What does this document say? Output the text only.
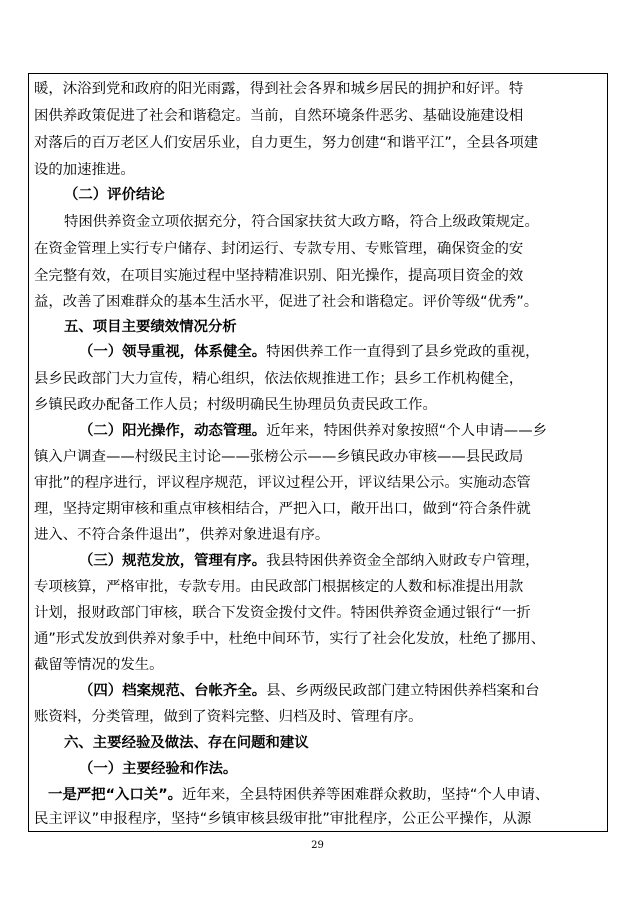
暖，沐浴到党和政府的阳光雨露，得到社会各界和城乡居民的拥护和好评。特
困供养政策促进了社会和谐稳定。当前，自然环境条件恶劣、基础设施建设相
对落后的百万老区人们安居乐业，自力更生，努力创建“和谐平江”，全县各项建
设的加速推进。
（二）评价结论
特困供养资金立项依据充分，符合国家扶贫大政方略，符合上级政策规定。
在资金管理上实行专户储存、封闭运行、专款专用、专账管理，确保资金的安
全完整有效，在项目实施过程中坚持精准识别、阳光操作，提高项目资金的效
益，改善了困难群众的基本生活水平，促进了社会和谐稳定。评价等级“优秀”。
五、项目主要绩效情况分析
（一）领导重视，体系健全。特困供养工作一直得到了县乡党政的重视，
县乡民政部门大力宣传，精心组织，依法依规推进工作；县乡工作机构健全，
乡镇民政办配备工作人员；村级明确民生协理员负责民政工作。
（二）阳光操作，动态管理。近年来，特困供养对象按照“个人申请——乡
镇入户调查——村级民主讨论——张榜公示——乡镇民政办审核——县民政局
审批”的程序进行，评议程序规范，评议过程公开，评议结果公示。实施动态管
理，坚持定期审核和重点审核相结合，严把入口，敞开出口，做到“符合条件就
进入、不符合条件退出”，供养对象进退有序。
（三）规范发放，管理有序。我县特困供养资金全部纳入财政专户管理，
专项核算，严格审批，专款专用。由民政部门根据核定的人数和标准提出用款
计划，报财政部门审核，联合下发资金拨付文件。特困供养资金通过银行“一折
通”形式发放到供养对象手中，杜绝中间环节，实行了社会化发放，杜绝了挪用、
截留等情况的发生。
（四）档案规范、台帐齐全。县、乡两级民政部门建立特困供养档案和台
账资料，分类管理，做到了资料完整、归档及时、管理有序。
六、主要经验及做法、存在问题和建议
（一）主要经验和作法。
一是严把“入口关”。近年来，全县特困供养等困难群众救助，坚持“个人申请、
民主评议”申报程序，坚持“乡镇审核县级审批”审批程序，公正公平操作，从源
29
